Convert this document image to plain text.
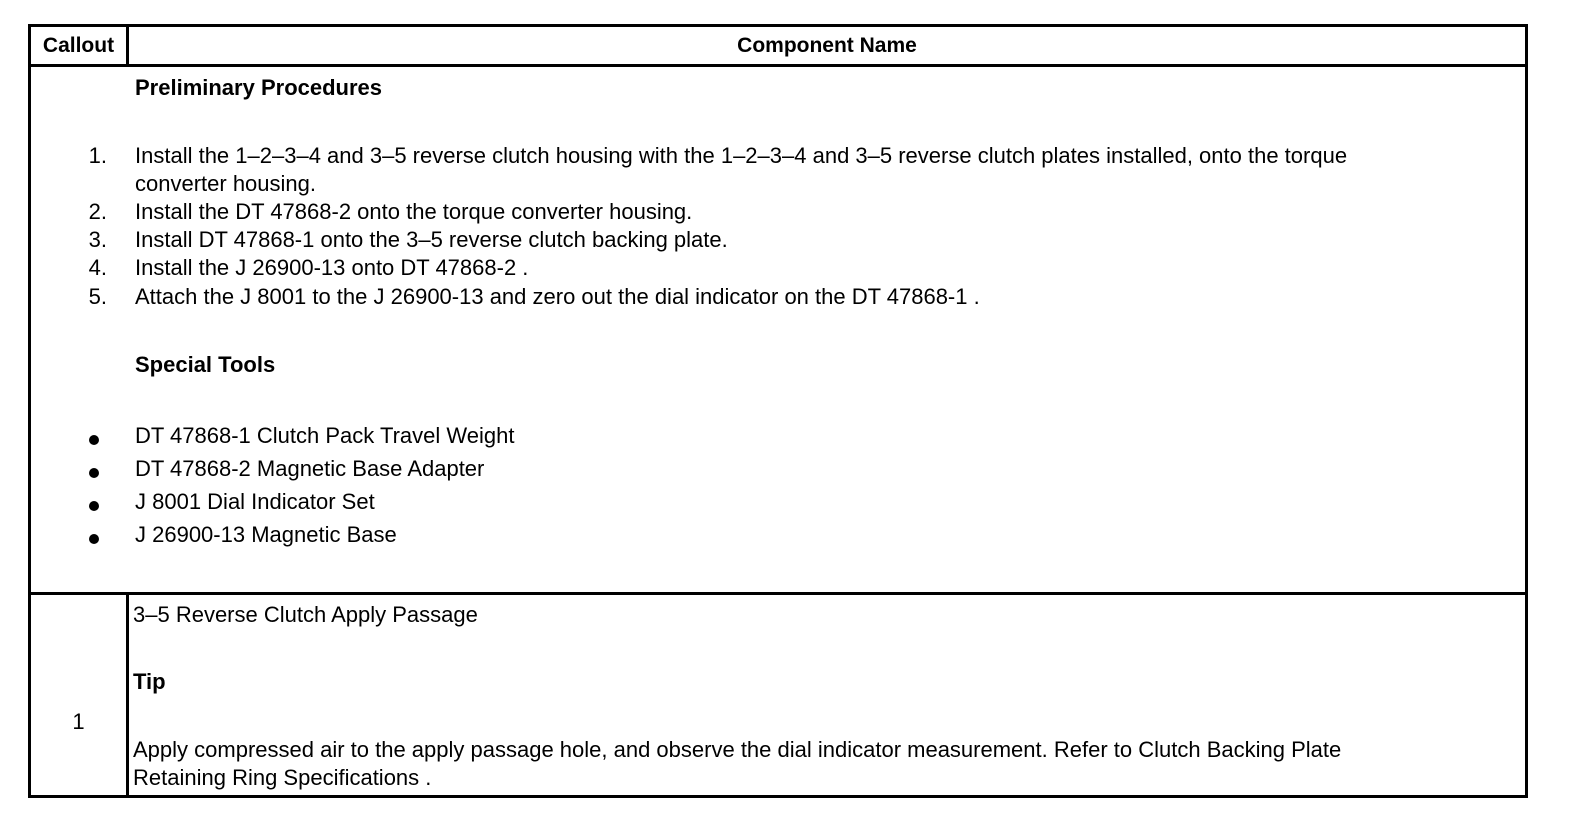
Callout	Component Name
Preliminary Procedures
1. Install the 1–2–3–4 and 3–5 reverse clutch housing with the 1–2–3–4 and 3–5 reverse clutch plates installed, onto the torque
converter housing.
2. Install the DT 47868-2 onto the torque converter housing.
3. Install DT 47868-1 onto the 3–5 reverse clutch backing plate.
4. Install the J 26900-13 onto DT 47868-2 .
5. Attach the J 8001 to the J 26900-13 and zero out the dial indicator on the DT 47868-1 .
Special Tools
DT 47868-1 Clutch Pack Travel Weight
DT 47868-2 Magnetic Base Adapter
J 8001 Dial Indicator Set
J 26900-13 Magnetic Base
1
3–5 Reverse Clutch Apply Passage
Tip
Apply compressed air to the apply passage hole, and observe the dial indicator measurement. Refer to Clutch Backing Plate
Retaining Ring Specifications .
